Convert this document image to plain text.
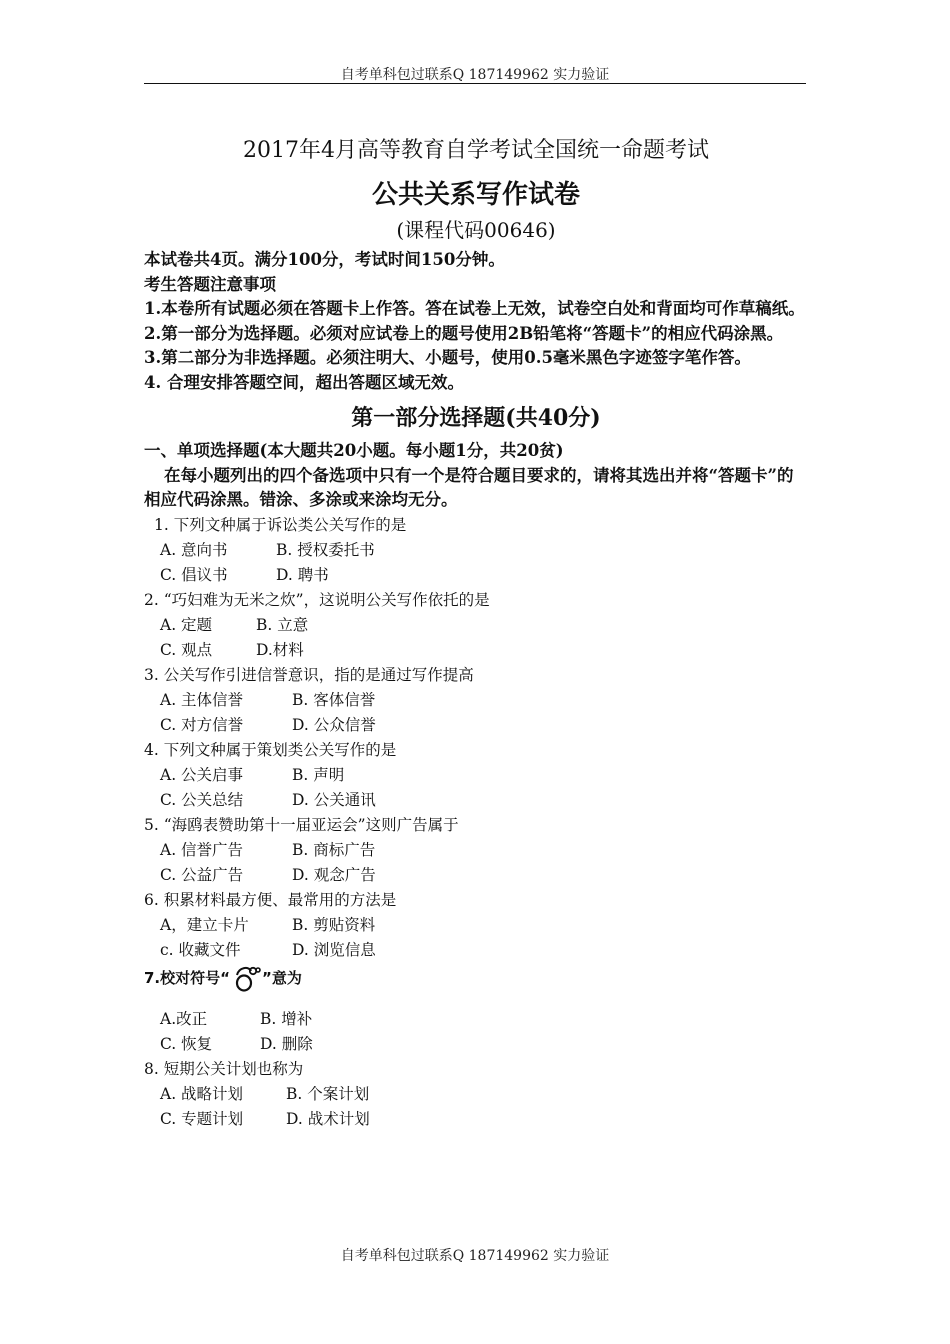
自考单科包过联系Q 187149962 实力验证
2017年4月高等教育自学考试全国统一命题考试
公共关系写作试卷
(课程代码00646)
本试卷共4页。满分100分，考试时间150分钟。
考生答题注意事项
1.本卷所有试题必须在答题卡上作答。答在试卷上无效，试卷空白处和背面均可作草稿纸。
2.第一部分为选择题。必须对应试卷上的题号使用2B铅笔将“答题卡”的相应代码涂黑。
3.第二部分为非选择题。必须注明大、小题号，使用0.5毫米黑色字迹签字笔作答。
4. 合理安排答题空间，超出答题区域无效。
第一部分选择题(共40分)
一、单项选择题(本大题共20小题。每小题1分，共20贫)
在每小题列出的四个备选项中只有一个是符合题目要求的，请将其选出并将“答题卡”的相应代码涂黑。错涂、多涂或来涂均无分。
1. 下列文种属于诉讼类公关写作的是
A. 意向书	B. 授权委托书
C. 倡议书	D. 聘书
2. “巧妇难为无米之炊”，这说明公关写作依托的是
A. 定题	B. 立意
C. 观点	D.材料
3. 公关写作引进信誉意识，指的是通过写作提高
A. 主体信誉	B. 客体信誉
C. 对方信誉	D. 公众信誉
4. 下列文种属于策划类公关写作的是
A. 公关启事	B. 声明
C. 公关总结	D. 公关通讯
5. “海鸥表赞助第十一届亚运会”这则广告属于
A. 信誉广告	B. 商标广告
C. 公益广告	D. 观念广告
6. 积累材料最方便、最常用的方法是
A，建立卡片	B. 剪贴资料
c. 收藏文件	D. 浏览信息
7.校对符号“ ”意为
A.改正	B. 增补
C. 恢复	D. 删除
8. 短期公关计划也称为
A. 战略计划	B. 个案计划
C. 专题计划	D. 战术计划
自考单科包过联系Q 187149962 实力验证
